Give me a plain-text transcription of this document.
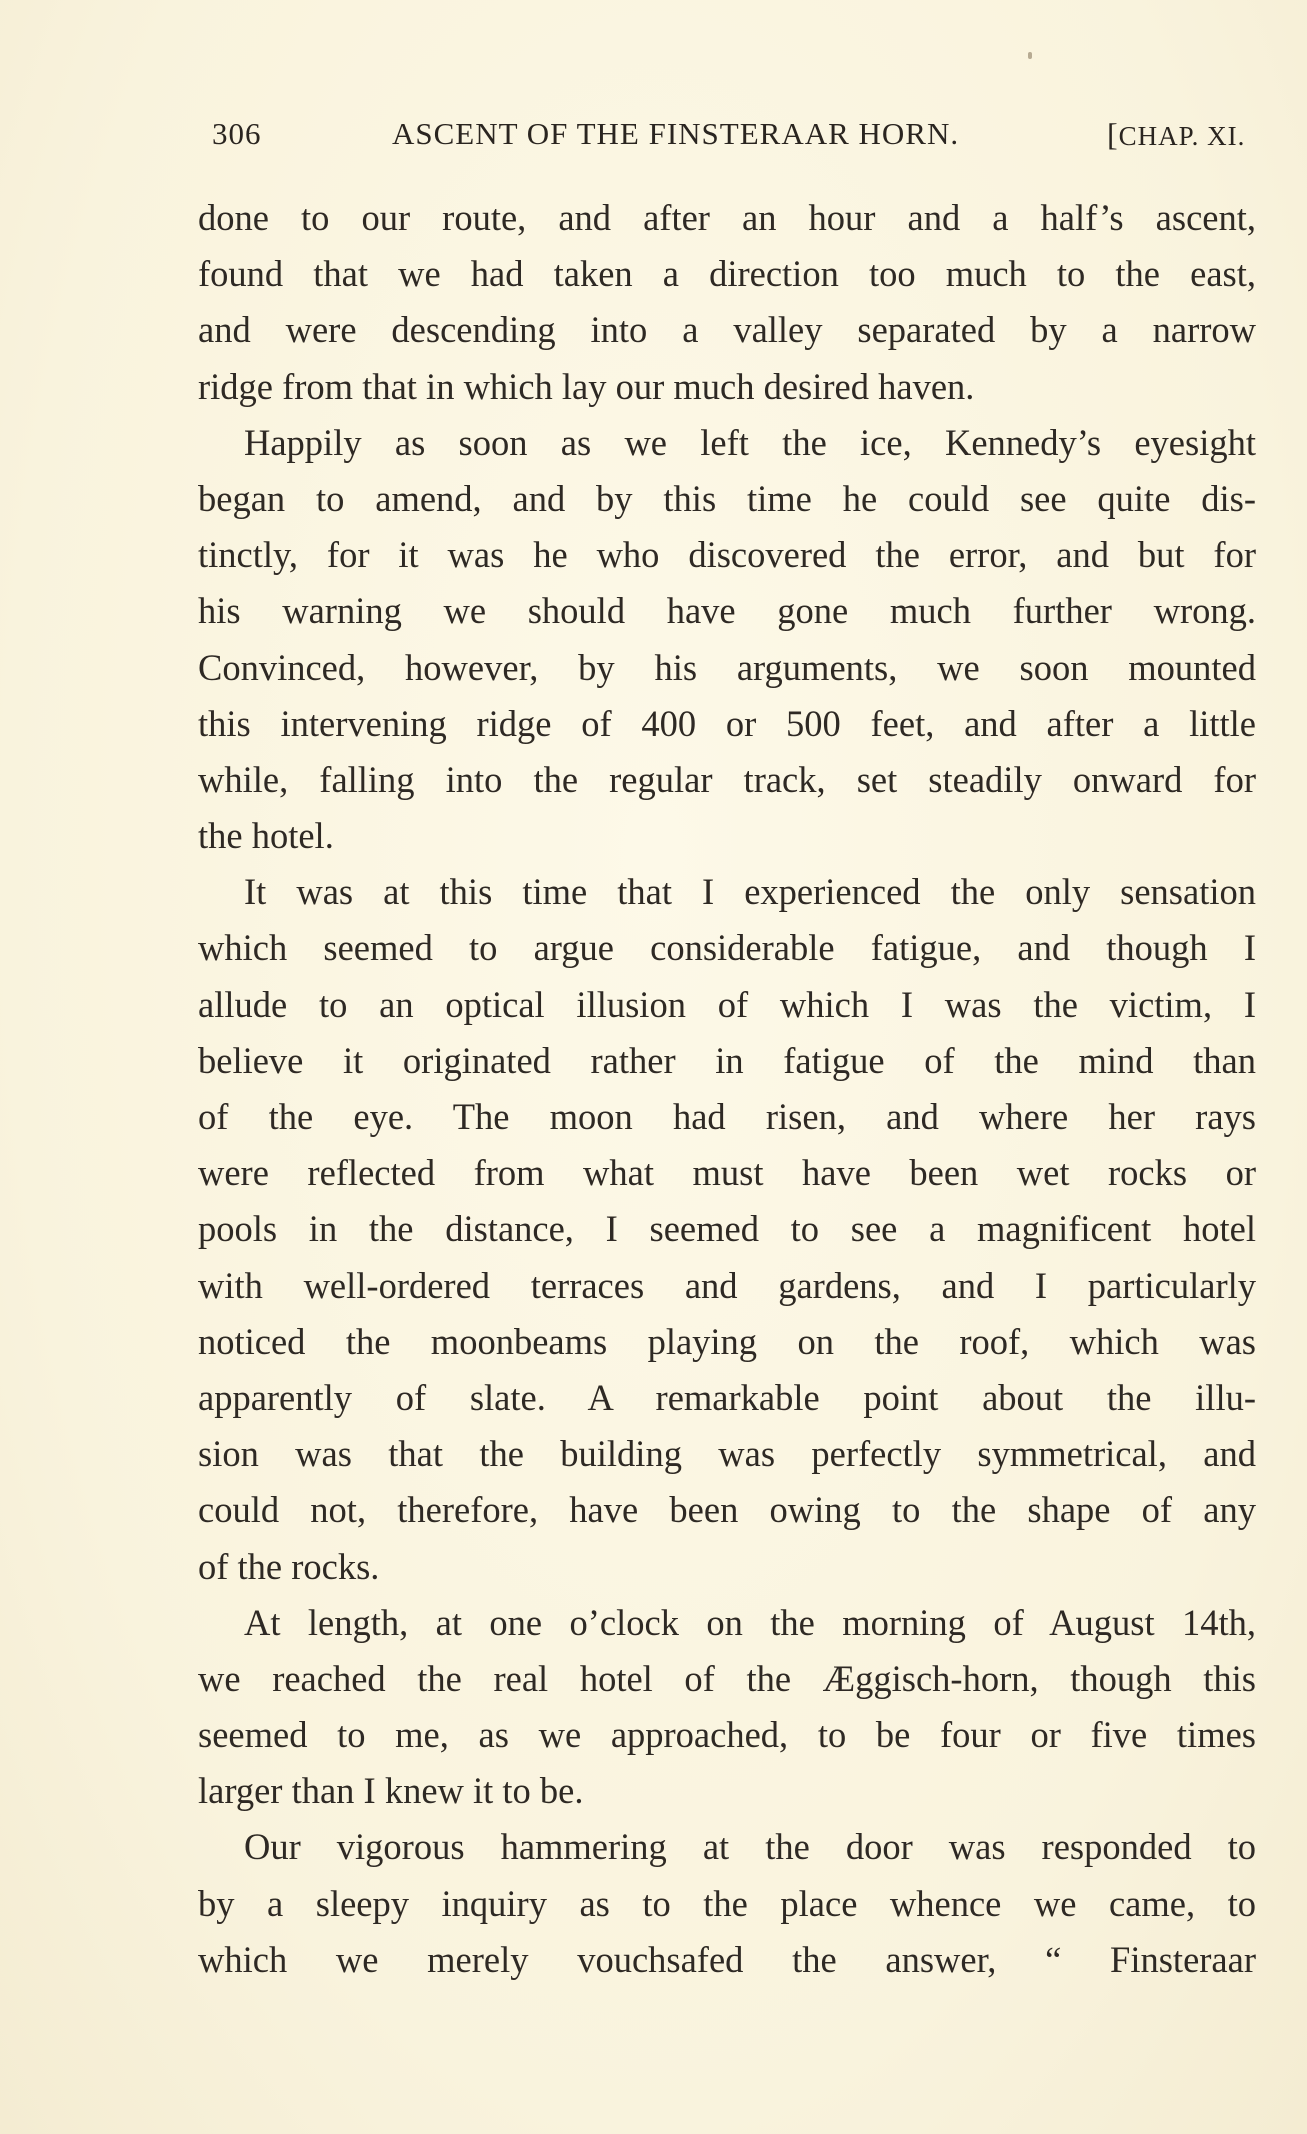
306	ASCENT OF THE FINSTERAAR HORN.	[CHAP. XI.
done to our route, and after an hour and a half’s ascent,
found that we had taken a direction too much to the east,
and were descending into a valley separated by a narrow
ridge from that in which lay our much desired haven.
Happily as soon as we left the ice, Kennedy’s eyesight
began to amend, and by this time he could see quite dis-
tinctly, for it was he who discovered the error, and but for
his warning we should have gone much further wrong.
Convinced, however, by his arguments, we soon mounted
this intervening ridge of 400 or 500 feet, and after a little
while, falling into the regular track, set steadily onward for
the hotel.
It was at this time that I experienced the only sensation
which seemed to argue considerable fatigue, and though I
allude to an optical illusion of which I was the victim, I
believe it originated rather in fatigue of the mind than
of the eye. The moon had risen, and where her rays
were reflected from what must have been wet rocks or
pools in the distance, I seemed to see a magnificent hotel
with well-ordered terraces and gardens, and I particularly
noticed the moonbeams playing on the roof, which was
apparently of slate. A remarkable point about the illu-
sion was that the building was perfectly symmetrical, and
could not, therefore, have been owing to the shape of any
of the rocks.
At length, at one o’clock on the morning of August 14th,
we reached the real hotel of the Æggisch-horn, though this
seemed to me, as we approached, to be four or five times
larger than I knew it to be.
Our vigorous hammering at the door was responded to
by a sleepy inquiry as to the place whence we came, to
which we merely vouchsafed the answer, “ Finsteraar
